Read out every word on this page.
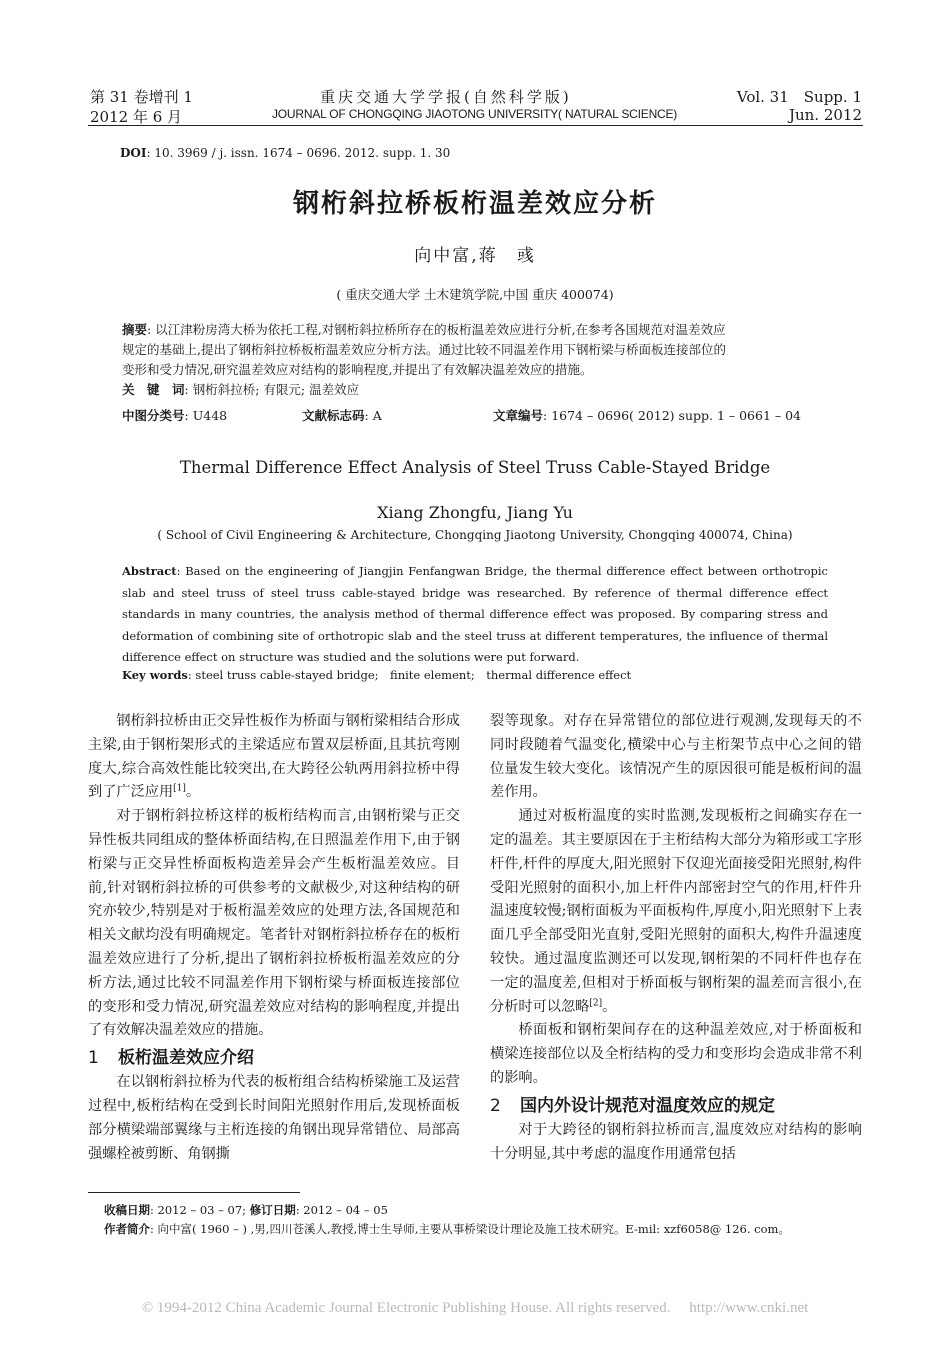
第 31 卷增刊 1
2012 年 6 月
重庆交通大学学报(自然科学版)
JOURNAL OF CHONGQING JIAOTONG UNIVERSITY( NATURAL SCIENCE)
Vol. 31　Supp. 1
Jun. 2012
DOI: 10. 3969 / j. issn. 1674 – 0696. 2012. supp. 1. 30
钢桁斜拉桥板桁温差效应分析
向中富,蒋　彧
( 重庆交通大学 土木建筑学院,中国 重庆 400074)
摘要: 以江津粉房湾大桥为依托工程,对钢桁斜拉桥所存在的板桁温差效应进行分析,在参考各国规范对温差效应
规定的基础上,提出了钢桁斜拉桥板桁温差效应分析方法。通过比较不同温差作用下钢桁梁与桥面板连接部位的
变形和受力情况,研究温差效应对结构的影响程度,并提出了有效解决温差效应的措施。
关　键　词: 钢桁斜拉桥; 有限元; 温差效应
中图分类号: U448	文献标志码: A	文章编号: 1674 – 0696( 2012) supp. 1 – 0661 – 04
Thermal Difference Effect Analysis of Steel Truss Cable-Stayed Bridge
Xiang Zhongfu, Jiang Yu
( School of Civil Engineering & Architecture, Chongqing Jiaotong University, Chongqing 400074, China)
Abstract: Based on the engineering of Jiangjin Fenfangwan Bridge, the thermal difference effect between orthotropic slab and steel truss of steel truss cable-stayed bridge was researched. By reference of thermal difference effect standards in many countries, the analysis method of thermal difference effect was proposed. By comparing stress and deformation of combining site of orthotropic slab and the steel truss at different temperatures, the influence of thermal difference effect on structure was studied and the solutions were put forward.
Key words: steel truss cable-stayed bridge;　finite element;　thermal difference effect

钢桁斜拉桥由正交异性板作为桥面与钢桁梁相结合形成主梁,由于钢桁架形式的主梁适应布置双层桥面,且其抗弯刚度大,综合高效性能比较突出,在大跨径公轨两用斜拉桥中得到了广泛应用[1]。

对于钢桁斜拉桥这样的板桁结构而言,由钢桁梁与正交异性板共同组成的整体桥面结构,在日照温差作用下,由于钢桁梁与正交异性桥面板构造差异会产生板桁温差效应。目前,针对钢桁斜拉桥的可供参考的文献极少,对这种结构的研究亦较少,特别是对于板桁温差效应的处理方法,各国规范和相关文献均没有明确规定。笔者针对钢桁斜拉桥存在的板桁温差效应进行了分析,提出了钢桁斜拉桥板桁温差效应的分析方法,通过比较不同温差作用下钢桁梁与桥面板连接部位的变形和受力情况,研究温差效应对结构的影响程度,并提出了有效解决温差效应的措施。

1 板桁温差效应介绍

在以钢桁斜拉桥为代表的板桁组合结构桥梁施工及运营过程中,板桁结构在受到长时间阳光照射作用后,发现桥面板部分横梁端部翼缘与主桁连接的角钢出现异常错位、局部高强螺栓被剪断、角钢撕

裂等现象。对存在异常错位的部位进行观测,发现每天的不同时段随着气温变化,横梁中心与主桁架节点中心之间的错位量发生较大变化。该情况产生的原因很可能是板桁间的温差作用。

通过对板桁温度的实时监测,发现板桁之间确实存在一定的温差。其主要原因在于主桁结构大部分为箱形或工字形杆件,杆件的厚度大,阳光照射下仅迎光面接受阳光照射,构件受阳光照射的面积小,加上杆件内部密封空气的作用,杆件升温速度较慢;钢桁面板为平面板构件,厚度小,阳光照射下上表面几乎全部受阳光直射,受阳光照射的面积大,构件升温速度较快。通过温度监测还可以发现,钢桁架的不同杆件也存在一定的温度差,但相对于桥面板与钢桁架的温差而言很小,在分析时可以忽略[2]。

桥面板和钢桁架间存在的这种温差效应,对于桥面板和横梁连接部位以及全桁结构的受力和变形均会造成非常不利的影响。

2 国内外设计规范对温度效应的规定

对于大跨径的钢桁斜拉桥而言,温度效应对结构的影响十分明显,其中考虑的温度作用通常包括

收稿日期: 2012 – 03 – 07; 修订日期: 2012 – 04 – 05
作者简介: 向中富( 1960 – ) ,男,四川苍溪人,教授,博士生导师,主要从事桥梁设计理论及施工技术研究。E-mil: xzf6058@ 126. com。
© 1994-2012 China Academic Journal Electronic Publishing House. All rights reserved.　 http://www.cnki.net
